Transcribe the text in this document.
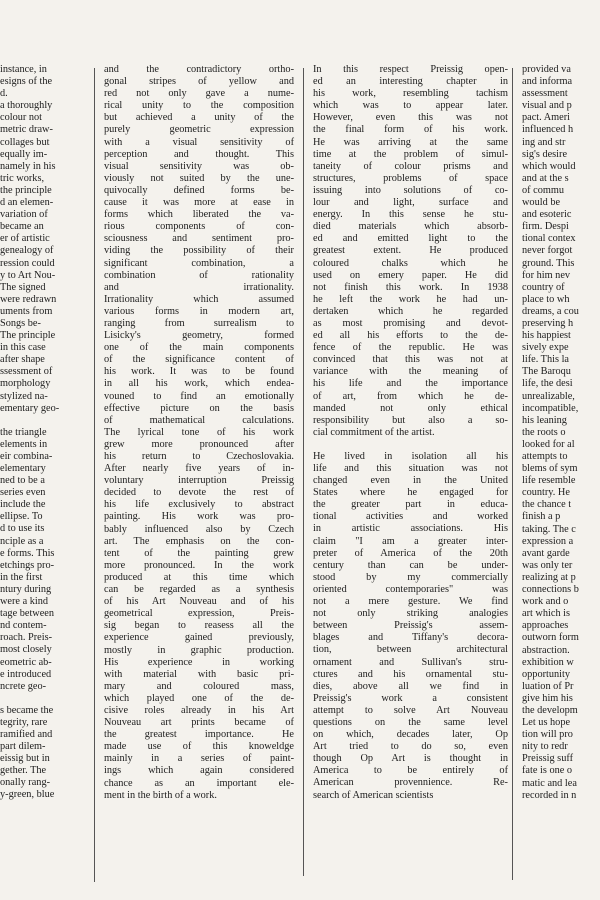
instance, in
esigns of the
d.
a thoroughly
colour not
metric draw-
collages but
equally im-
namely in his
tric works,
the principle
d an elemen-
variation of
became an
er of artistic
genealogy of
ression could
y to Art Nou-
The signed
were redrawn
uments from
Songs be-
The principle
in this case
after shape
ssessment of
morphology
stylized na-
ementary geo-
the triangle
elements in
eir combina-
elementary
ned to be a
series even
include the
ellipse. To
d to use its
nciple as a
e forms. This
etchings pro-
in the first
ntury during
were a kind
tage between
nd contem-
roach. Preis-
most closely
eometric ab-
e introduced
ncrete geo-
s became the
tegrity, rare
ramified and
part dilem-
eissig but in
gether. The
onally rang-
y-green, blue
and the contradictory ortho-
gonal stripes of yellow and
red not only gave a nume-
rical unity to the composition
but achieved a unity of the
purely geometric expression
with a visual sensitivity of
perception and thought. This
visual sensitivity was ob-
viously not suited by the une-
quivocally defined forms be-
cause it was more at ease in
forms which liberated the va-
rious components of con-
sciousness and sentiment pro-
viding the possibility of their
significant combination, a
combination of rationality
and irrationality.
Irrationality which assumed
various forms in modern art,
ranging from surrealism to
Lisicky's geometry, formed
one of the main components
of the significance content of
his work. It was to be found
in all his work, which endea-
vouned to find an emotionally
effective picture on the basis
of mathematical calculations.
The lyrical tone of his work
grew more pronounced after
his return to Czechoslovakia.
After nearly five years of in-
voluntary interruption Preissig
decided to devote the rest of
his life exclusively to abstract
painting. His work was pro-
bably influenced also by Czech
art. The emphasis on the con-
tent of the painting grew
more pronounced. In the work
produced at this time which
can be regarded as a synthesis
of his Art Nouveau and of his
geometrical expression, Preis-
sig began to reasess all the
experience gained previously,
mostly in graphic production.
His experience in working
with material with basic pri-
mary and coloured mass,
which played one of the de-
cisive roles already in his Art
Nouveau art prints became of
the greatest importance. He
made use of this knoweldge
mainly in a series of paint-
ings which again considered
chance as an important ele-
ment in the birth of a work.
In this respect Preissig open-
ed an interesting chapter in
his work, resembling tachism
which was to appear later.
However, even this was not
the final form of his work.
He was arriving at the same
time at the problem of simul-
taneity of colour prisms and
structures, problems of space
issuing into solutions of co-
lour and light, surface and
energy. In this sense he stu-
died materials which absorb-
ed and emitted light to the
greatest extent. He produced
coloured chalks which he
used on emery paper. He did
not finish this work. In 1938
he left the work he had un-
dertaken which he regarded
as most promising and devot-
ed all his efforts to the de-
fence of the republic. He was
convinced that this was not at
variance with the meaning of
his life and the importance
of art, from which he de-
manded not only ethical
responsibility but also a so-
cial commitment of the artist.
He lived in isolation all his
life and this situation was not
changed even in the United
States where he engaged for
the greater part in educa-
tional activities and worked
in artistic associations. His
claim "I am a greater inter-
preter of America of the 20th
century than can be under-
stood by my commercially
oriented contemporaries" was
not a mere gesture. We find
not only striking analogies
between Preissig's assem-
blages and Tiffany's decora-
tion, between architectural
ornament and Sullivan's stru-
ctures and his ornamental stu-
dies, above all we find in
Preissig's work a consistent
attempt to solve Art Nouveau
questions on the same level
on which, decades later, Op
Art tried to do so, even
though Op Art is thought in
America to be entirely of
American provennience. Re-
search of American scientists
provided va
and informa
assessment
visual and p
pact. Ameri
influenced h
ing and str
sig's desire
which would
and at the s
of commu
would be
and esoteric
firm. Despi
tional contex
never forgot
ground. This
for him nev
country of
place to wh
dreams, a cou
preserving h
his happiest
sively expe
life. This la
The Baroqu
life, the desi
unrealizable,
incompatible,
his leaning
the roots o
looked for al
attempts to
blems of sym
life resemble
country. He
the chance t
finish a p
taking. The c
expression a
avant garde
was only ter
realizing at p
connections b
work and o
art which is
approaches
outworn form
abstraction.
exhibition w
opportunity
luation of Pr
give him his
the developm
Let us hope
tion will pro
nity to redr
Preissig suff
fate is one o
matic and lea
recorded in n
